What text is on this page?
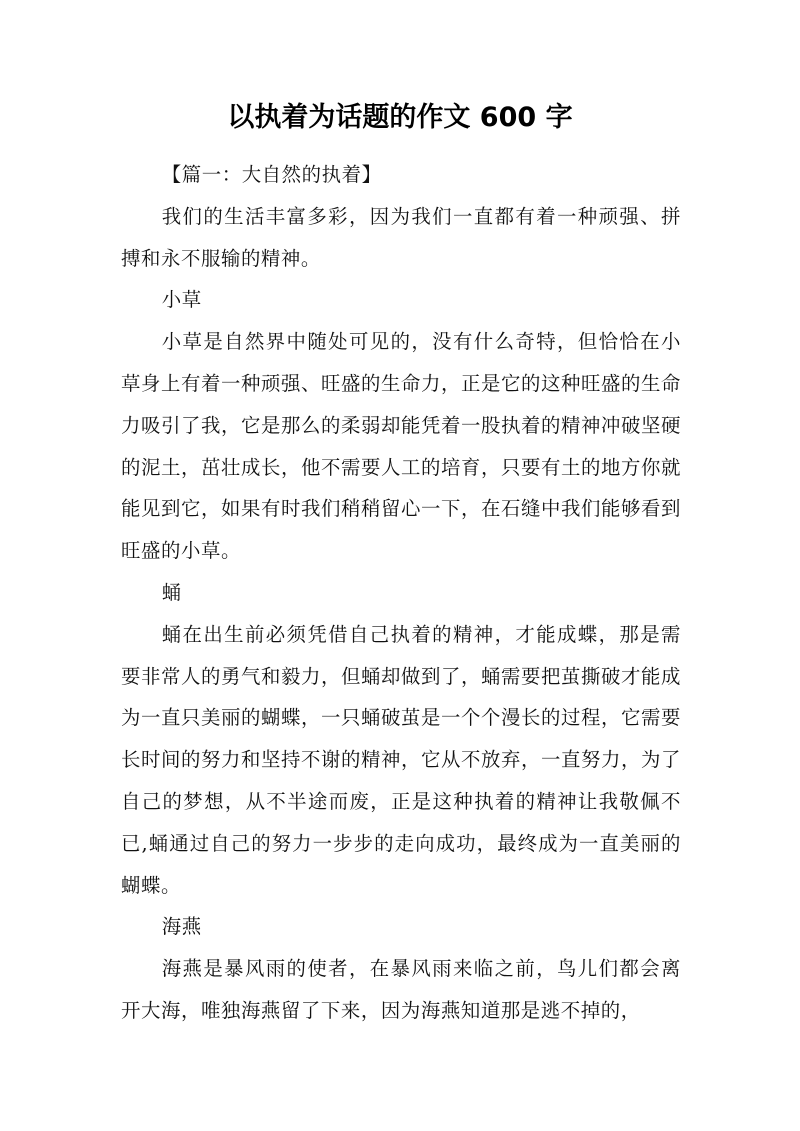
以执着为话题的作文 600 字

【篇一：大自然的执着】

我们的生活丰富多彩，因为我们一直都有着一种顽强、拼搏和永不服输的精神。

小草

小草是自然界中随处可见的，没有什么奇特，但恰恰在小草身上有着一种顽强、旺盛的生命力，正是它的这种旺盛的生命力吸引了我，它是那么的柔弱却能凭着一股执着的精神冲破坚硬的泥土，茁壮成长，他不需要人工的培育，只要有土的地方你就能见到它，如果有时我们稍稍留心一下，在石缝中我们能够看到旺盛的小草。

蛹

蛹在出生前必须凭借自己执着的精神，才能成蝶，那是需要非常人的勇气和毅力，但蛹却做到了，蛹需要把茧撕破才能成为一直只美丽的蝴蝶，一只蛹破茧是一个个漫长的过程，它需要长时间的努力和坚持不谢的精神，它从不放弃，一直努力，为了自己的梦想，从不半途而废，正是这种执着的精神让我敬佩不已,蛹通过自己的努力一步步的走向成功，最终成为一直美丽的蝴蝶。

海燕

海燕是暴风雨的使者，在暴风雨来临之前，鸟儿们都会离开大海，唯独海燕留了下来，因为海燕知道那是逃不掉的，
